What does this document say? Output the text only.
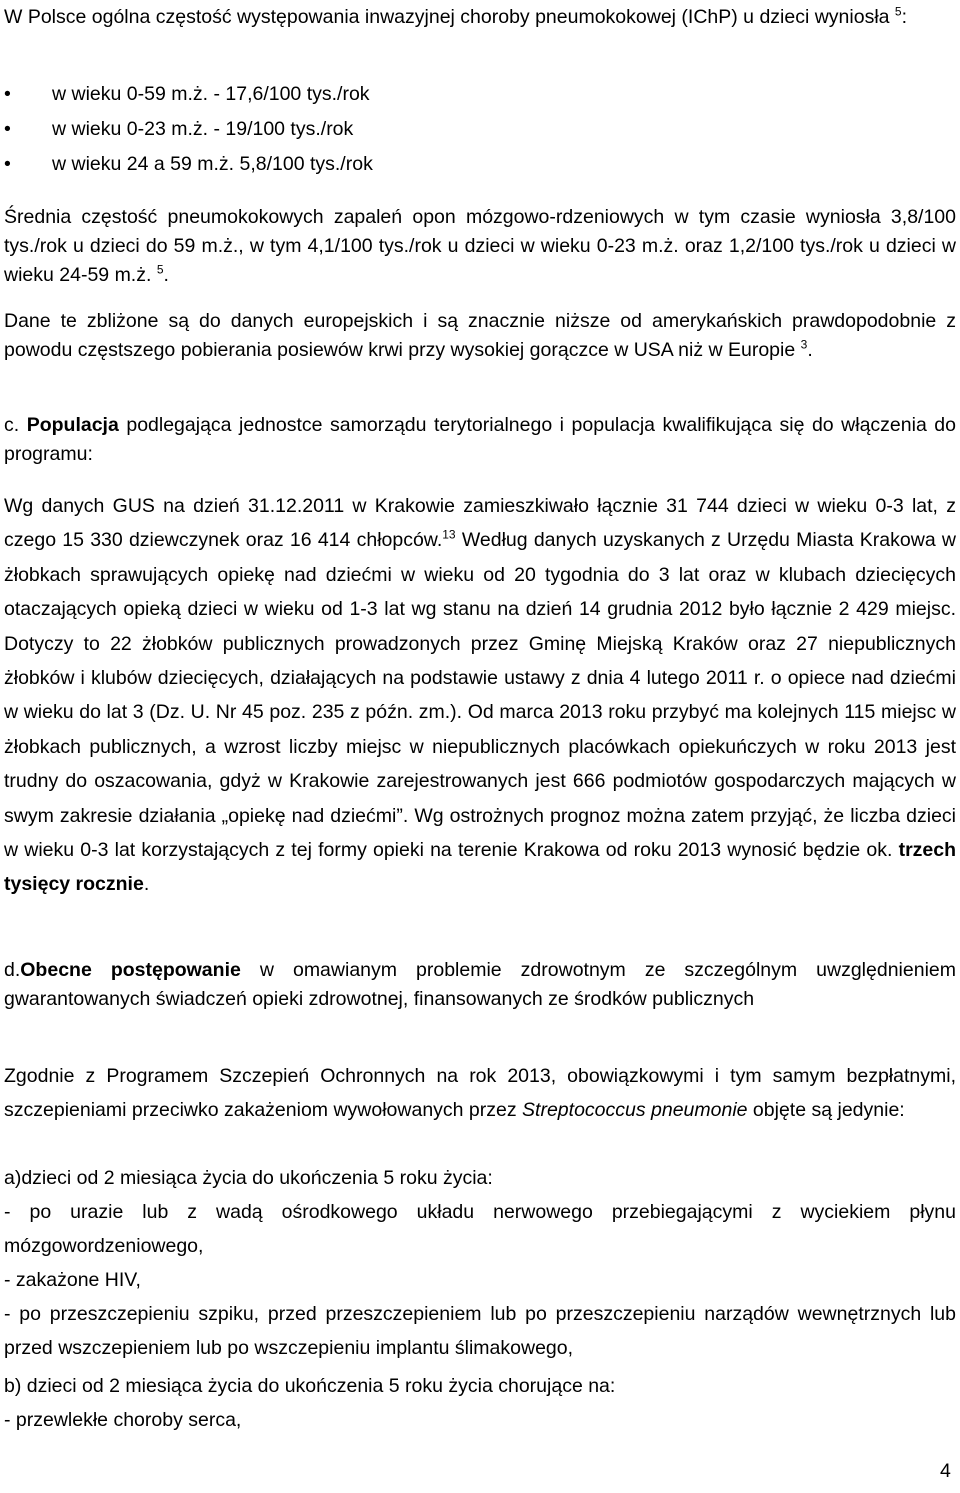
W Polsce ogólna częstość występowania inwazyjnej choroby pneumokokowej (IChP) u dzieci wyniosła $^5$:

• w wieku 0-59 m.ż. - 17,6/100 tys./rok
• w wieku 0-23 m.ż. - 19/100 tys./rok
• w wieku 24 a 59 m.ż. 5,8/100 tys./rok

Średnia częstość pneumokokowych zapaleń opon mózgowo-rdzeniowych w tym czasie wyniosła 3,8/100 tys./rok u dzieci do 59 m.ż., w tym 4,1/100 tys./rok u dzieci w wieku 0-23 m.ż. oraz 1,2/100 tys./rok u dzieci w wieku 24-59 m.ż. $^5$.

Dane te zbliżone są do danych europejskich i są znacznie niższe od amerykańskich prawdopodobnie z powodu częstszego pobierania posiewów krwi przy wysokiej gorączce w USA niż w Europie $^3$.

c. Populacja podlegająca jednostce samorządu terytorialnego i populacja kwalifikująca się do włączenia do programu:

Wg danych GUS na dzień 31.12.2011 w Krakowie zamieszkiwało łącznie 31 744 dzieci w wieku 0-3 lat, z czego 15 330 dziewczynek oraz 16 414 chłopców.$^{13}$ Według danych uzyskanych z Urzędu Miasta Krakowa w żłobkach sprawujących opiekę nad dziećmi w wieku od 20 tygodnia do 3 lat oraz w klubach dziecięcych otaczających opieką dzieci w wieku od 1-3 lat wg stanu na dzień 14 grudnia 2012 było łącznie 2 429 miejsc. Dotyczy to 22 żłobków publicznych prowadzonych przez Gminę Miejską Kraków oraz 27 niepublicznych żłobków i klubów dziecięcych, działających na podstawie ustawy z dnia 4 lutego 2011 r. o opiece nad dziećmi w wieku do lat 3 (Dz. U. Nr 45 poz. 235 z późn. zm.). Od marca 2013 roku przybyć ma kolejnych 115 miejsc w żłobkach publicznych, a wzrost liczby miejsc w niepublicznych placówkach opiekuńczych w roku 2013 jest trudny do oszacowania, gdyż w Krakowie zarejestrowanych jest 666 podmiotów gospodarczych mających w swym zakresie działania „opiekę nad dziećmi”. Wg ostrożnych prognoz można zatem przyjąć, że liczba dzieci w wieku 0-3 lat korzystających z tej formy opieki na terenie Krakowa od roku 2013 wynosić będzie ok. trzech tysięcy rocznie.

d.Obecne postępowanie w omawianym problemie zdrowotnym ze szczególnym uwzględnieniem gwarantowanych świadczeń opieki zdrowotnej, finansowanych ze środków publicznych

Zgodnie z Programem Szczepień Ochronnych na rok 2013, obowiązkowymi i tym samym bezpłatnymi, szczepieniami przeciwko zakażeniom wywołowanych przez Streptococcus pneumonie objęte są jedynie:

a)dzieci od 2 miesiąca życia do ukończenia 5 roku życia:

- po urazie lub z wadą ośrodkowego układu nerwowego przebiegającymi z wyciekiem płynu mózgowordzeniowego,

- zakażone HIV,

- po przeszczepieniu szpiku, przed przeszczepieniem lub po przeszczepieniu narządów wewnętrznych lub przed wszczepieniem lub po wszczepieniu implantu ślimakowego,

b) dzieci od 2 miesiąca życia do ukończenia 5 roku życia chorujące na:

- przewlekłe choroby serca,

4
